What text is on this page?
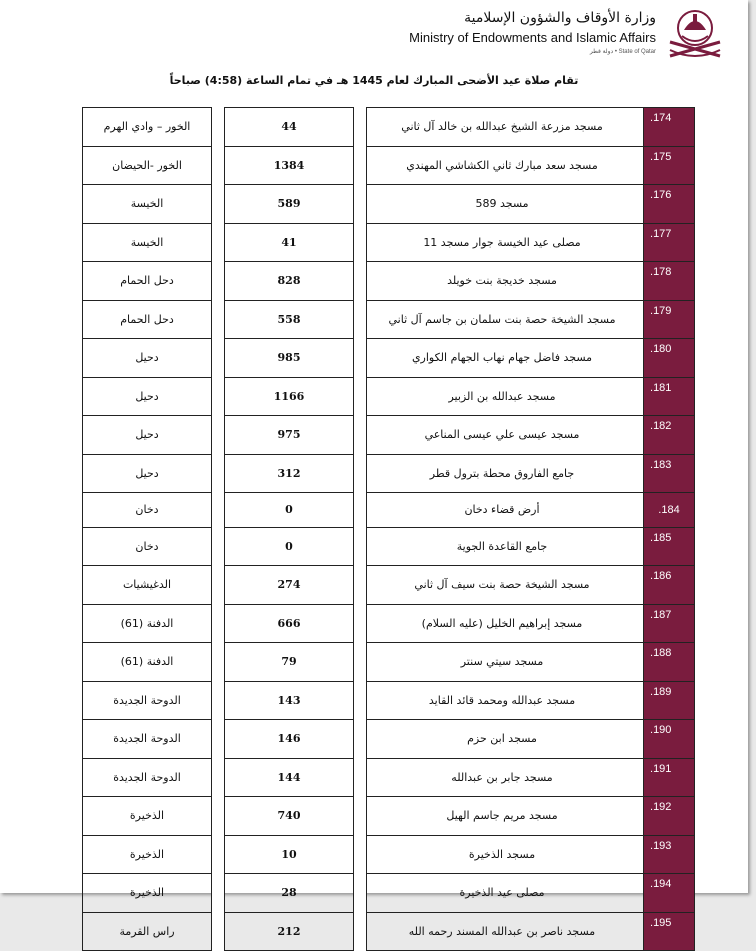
وزارة الأوقاف والشؤون الإسلامية
Ministry of Endowments and Islamic Affairs
State of Qatar • دولة قطر
تقام صلاة عيد الأضحى المبارك لعام 1445 هـ في تمام الساعة (4:58) صباحاً
174.	مسجد مزرعة الشيخ عبدالله بن خالد آل ثاني		44		الخور – وادي الهرم
175.	مسجد سعد مبارك ثاني الكشاشي المهندي		1384		الخور -الحيضان
176.	مسجد 589		589		الخيسة
177.	مصلى عيد الخيسة جوار مسجد 11		41		الخيسة
178.	مسجد خديجة بنت خويلد		828		دحل الحمام
179.	مسجد الشيخة حصة بنت سلمان بن جاسم آل ثاني		558		دحل الحمام
180.	مسجد فاضل جهام نهاب الجهام الكواري		985		دحيل
181.	مسجد عبدالله بن الزبير		1166		دحيل
182.	مسجد عيسى علي عيسى المناعي		975		دحيل
183.	جامع الفاروق محطة بترول قطر		312		دحيل
184.	أرض قضاء دخان		0		دخان
185.	جامع القاعدة الجوية		0		دخان
186.	مسجد الشيخة حصة بنت سيف آل ثاني		274		الدغيشيات
187.	مسجد إبراهيم الخليل (عليه السلام)		666		الدفنة (61)
188.	مسجد سيتي سنتر		79		الدفنة (61)
189.	مسجد عبدالله ومحمد قائد القايد		143		الدوحة الجديدة
190.	مسجد ابن حزم		146		الدوحة الجديدة
191.	مسجد جابر بن عبدالله		144		الدوحة الجديدة
192.	مسجد مريم جاسم الهيل		740		الذخيرة
193.	مسجد الذخيرة		10		الذخيرة
194.	مصلى عيد الذخيرة		28		الذخيرة
195.	مسجد ناصر بن عبدالله المسند رحمه الله		212		راس القرمة
